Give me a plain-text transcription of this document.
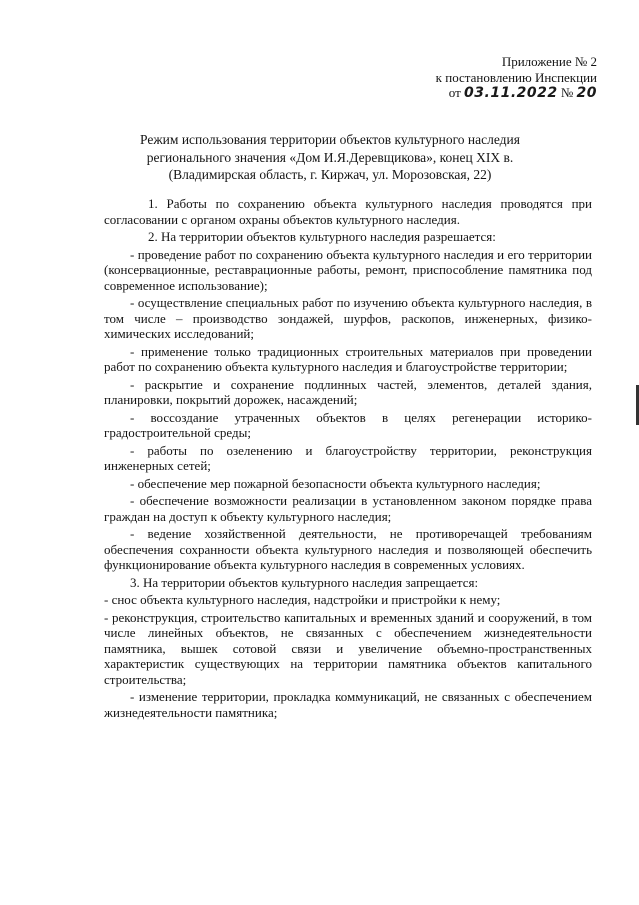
Приложение № 2
к постановлению Инспекции
от 03.11.2022 № 20
Режим использования территории объектов культурного наследия
регионального значения «Дом И.Я.Деревщикова», конец XIX в.
(Владимирская область, г. Киржач, ул. Морозовская, 22)

1. Работы по сохранению объекта культурного наследия проводятся при согласовании с органом охраны объектов культурного наследия.

2. На территории объектов культурного наследия разрешается:

- проведение работ по сохранению объекта культурного наследия и его территории (консервационные, реставрационные работы, ремонт, приспособление памятника под современное использование);

- осуществление специальных работ по изучению объекта культурного наследия, в том числе – производство зондажей, шурфов, раскопов, инженерных, физико-химических исследований;

- применение только традиционных строительных материалов при проведении работ по сохранению объекта культурного наследия и благоустройстве территории;

- раскрытие и сохранение подлинных частей, элементов, деталей здания, планировки, покрытий дорожек, насаждений;

- воссоздание утраченных объектов в целях регенерации историко-градостроительной среды;

- работы по озеленению и благоустройству территории, реконструкция инженерных сетей;

- обеспечение мер пожарной безопасности объекта культурного наследия;

- обеспечение возможности реализации в установленном законом порядке права граждан на доступ к объекту культурного наследия;

- ведение хозяйственной деятельности, не противоречащей требованиям обеспечения сохранности объекта культурного наследия и позволяющей обеспечить функционирование объекта культурного наследия в современных условиях.

3. На территории объектов культурного наследия запрещается:

- снос объекта культурного наследия, надстройки и пристройки к нему;

- реконструкция, строительство капитальных и временных зданий и сооружений, в том числе линейных объектов, не связанных с обеспечением жизнедеятельности памятника, вышек сотовой связи и увеличение объемно-пространственных характеристик существующих на территории памятника объектов капитального строительства;

- изменение территории, прокладка коммуникаций, не связанных с обеспечением жизнедеятельности памятника;
